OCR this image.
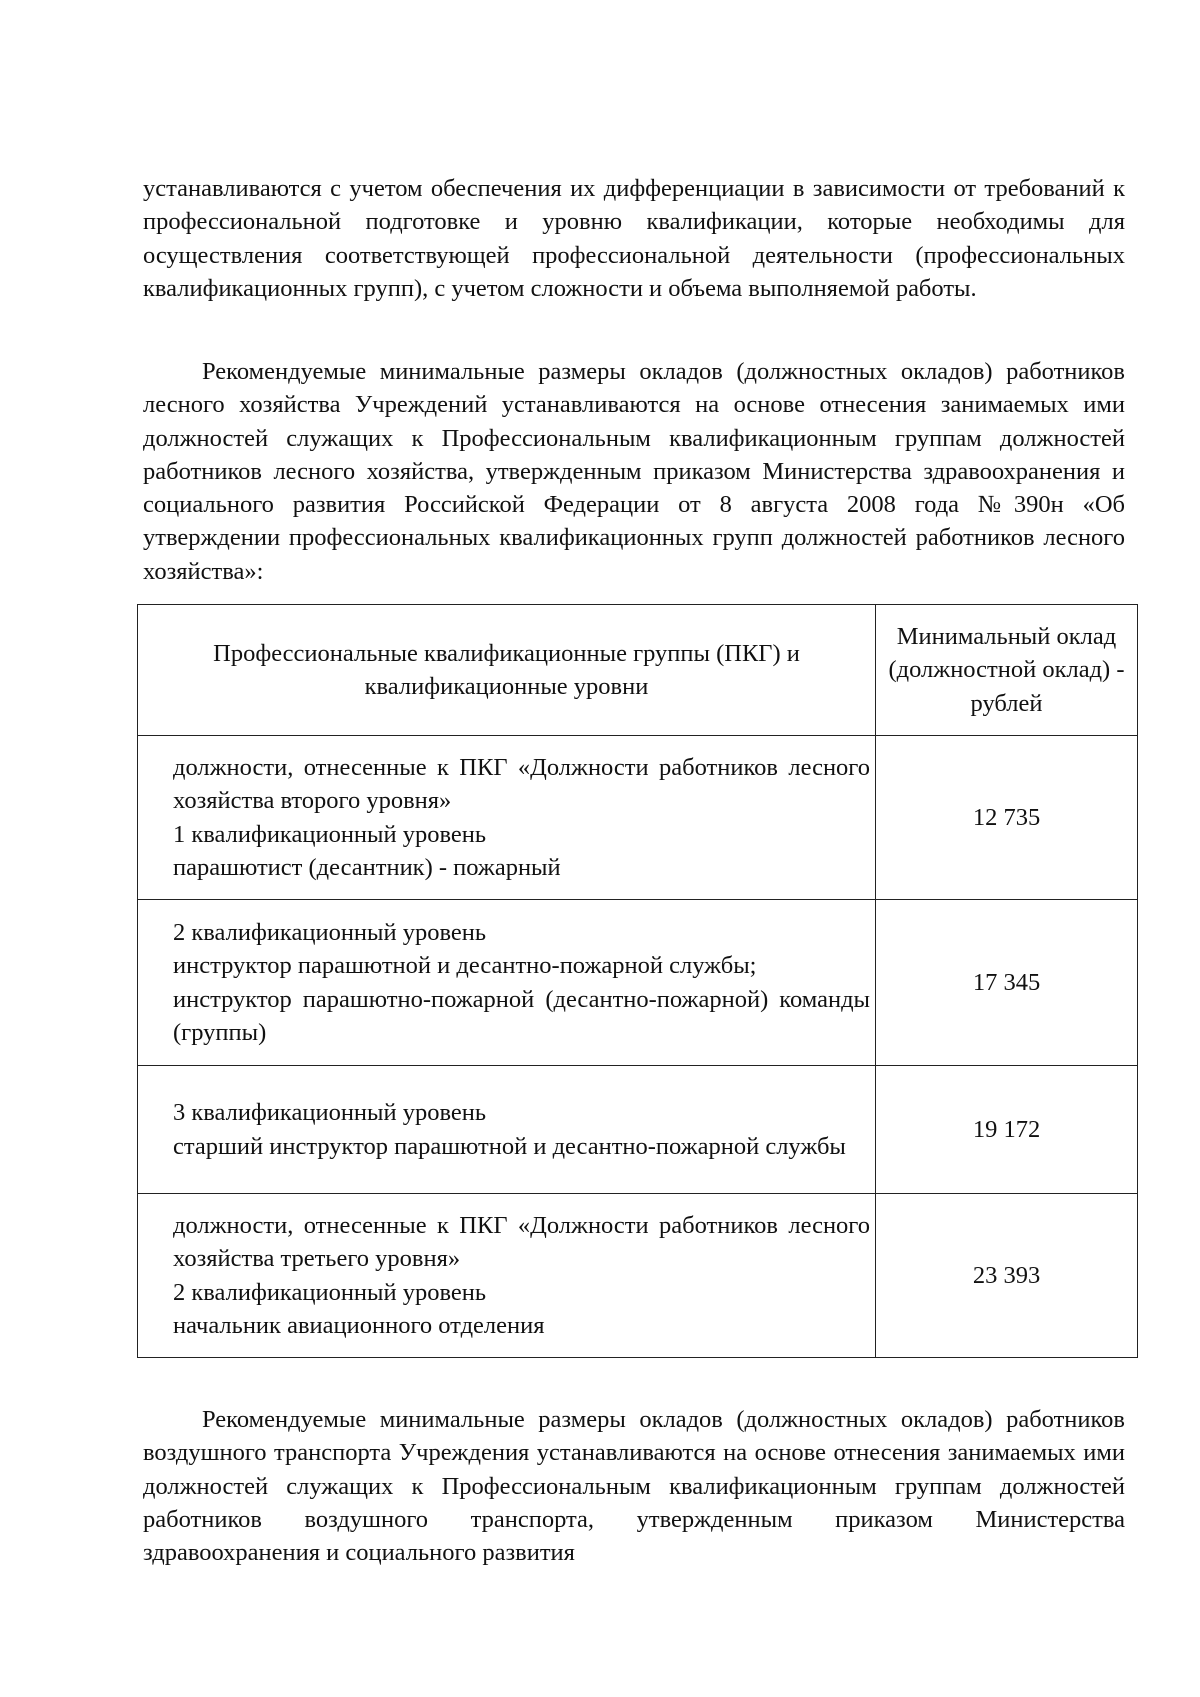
устанавливаются с учетом обеспечения их дифференциации в зависимости от требований к профессиональной подготовке и уровню квалификации, которые необходимы для осуществления соответствующей профессиональной деятельности (профессиональных квалификационных групп), с учетом сложности и объема выполняемой работы.

Рекомендуемые минимальные размеры окладов (должностных окладов) работников лесного хозяйства Учреждений устанавливаются на основе отнесения занимаемых ими должностей служащих к Профессиональным квалификационным группам должностей работников лесного хозяйства, утвержденным приказом Министерства здравоохранения и социального развития Российской Федерации от 8 августа 2008 года №390н «Об утверждении профессиональных квалификационных групп должностей работников лесного хозяйства»:

Профессиональные квалификационные группы (ПКГ) и квалификационные уровни	Минимальный оклад (должностной оклад) - рублей

должности, отнесенные к ПКГ «Должности работников лесного хозяйства второго уровня»
1 квалификационный уровень
парашютист (десантник) - пожарный	12 735

2 квалификационный уровень
инструктор парашютной и десантно-пожарной службы;
инструктор парашютно-пожарной (десантно-пожарной) команды (группы)	17 345

3 квалификационный уровень
старший инструктор парашютной и десантно-пожарной службы	19 172

должности, отнесенные к ПКГ «Должности работников лесного хозяйства третьего уровня»
2 квалификационный уровень
начальник авиационного отделения	23 393

Рекомендуемые минимальные размеры окладов (должностных окладов) работников воздушного транспорта Учреждения устанавливаются на основе отнесения занимаемых ими должностей служащих к Профессиональным квалификационным группам должностей работников воздушного транспорта, утвержденным приказом Министерства здравоохранения и социального развития
